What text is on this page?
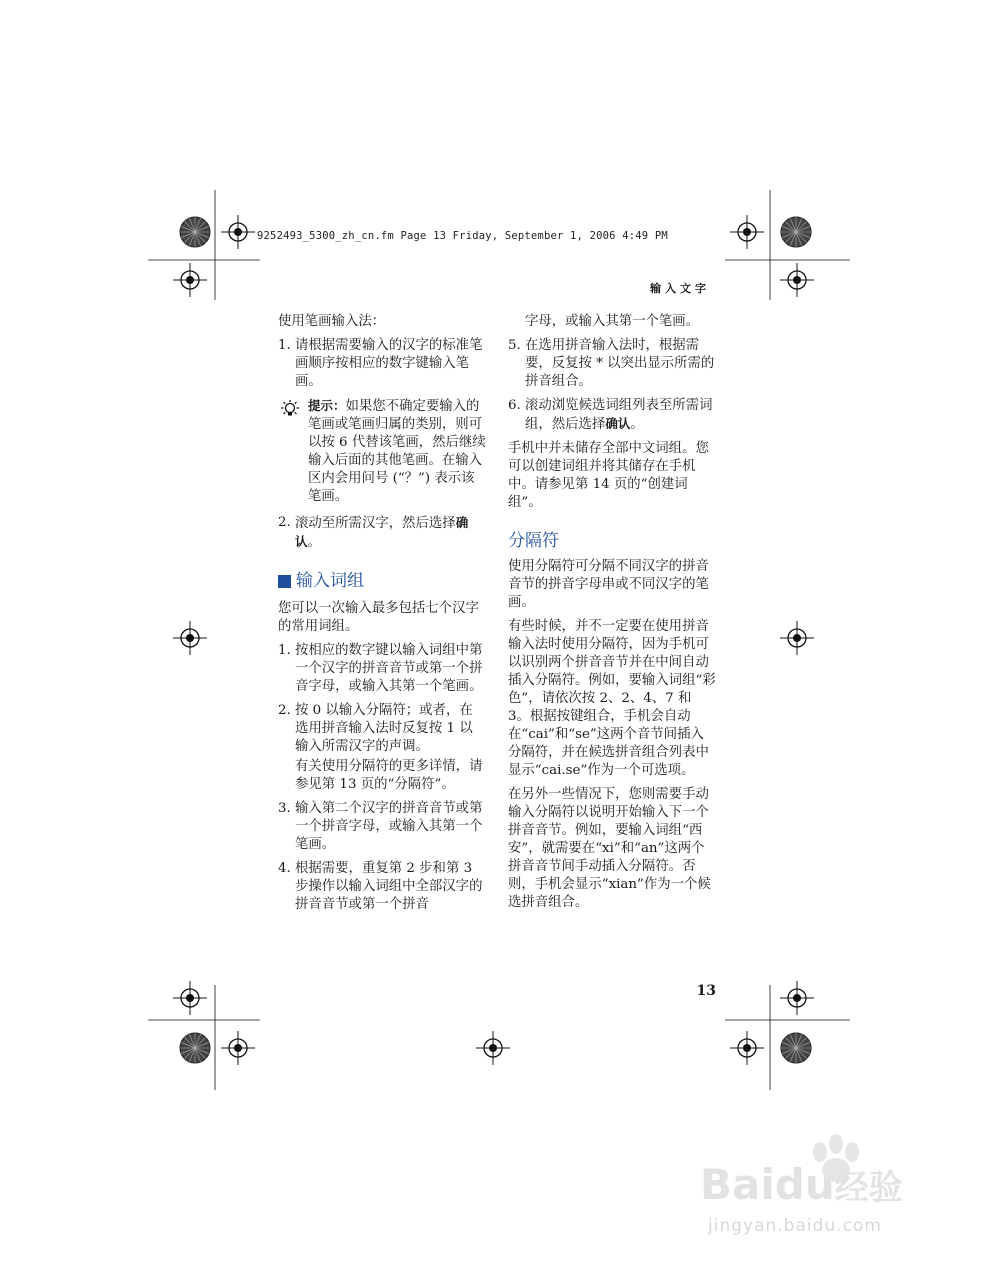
9252493_5300_zh_cn.fm Page 13 Friday, September 1, 2006 4:49 PM
输入文字
使用笔画输入法：
1. 请根据需要输入的汉字的标准笔画顺序按相应的数字键输入笔画。
提示：如果您不确定要输入的笔画或笔画归属的类别，则可以按 6 代替该笔画，然后继续输入后面的其他笔画。在输入区内会用问号 (“？”) 表示该笔画。
2. 滚动至所需汉字，然后选择确认。
输入词组
您可以一次输入最多包括七个汉字的常用词组。
1. 按相应的数字键以输入词组中第一个汉字的拼音音节或第一个拼音字母，或输入其第一个笔画。
2. 按 0 以输入分隔符；或者，在选用拼音输入法时反复按 1 以输入所需汉字的声调。
有关使用分隔符的更多详情，请参见第 13 页的“分隔符”。
3. 输入第二个汉字的拼音音节或第一个拼音字母，或输入其第一个笔画。
4. 根据需要，重复第 2 步和第 3 步操作以输入词组中全部汉字的拼音音节或第一个拼音
字母，或输入其第一个笔画。
5. 在选用拼音输入法时，根据需要，反复按 * 以突出显示所需的拼音组合。
6. 滚动浏览候选词组列表至所需词组，然后选择确认。
手机中并未储存全部中文词组。您可以创建词组并将其储存在手机中。请参见第 14 页的“创建词组”。
分隔符
使用分隔符可分隔不同汉字的拼音音节的拼音字母串或不同汉字的笔画。
有些时候，并不一定要在使用拼音输入法时使用分隔符，因为手机可以识别两个拼音音节并在中间自动插入分隔符。例如，要输入词组“彩色”，请依次按 2、2、4、7 和 3。根据按键组合，手机会自动在“cai”和“se”这两个音节间插入分隔符，并在候选拼音组合列表中显示“cai.se”作为一个可选项。
在另外一些情况下，您则需要手动输入分隔符以说明开始输入下一个拼音音节。例如，要输入词组“西安”，就需要在“xi”和“an”这两个拼音音节间手动插入分隔符。否则，手机会显示“xian”作为一个候选拼音组合。
13
Baidu经验
jingyan.baidu.com
